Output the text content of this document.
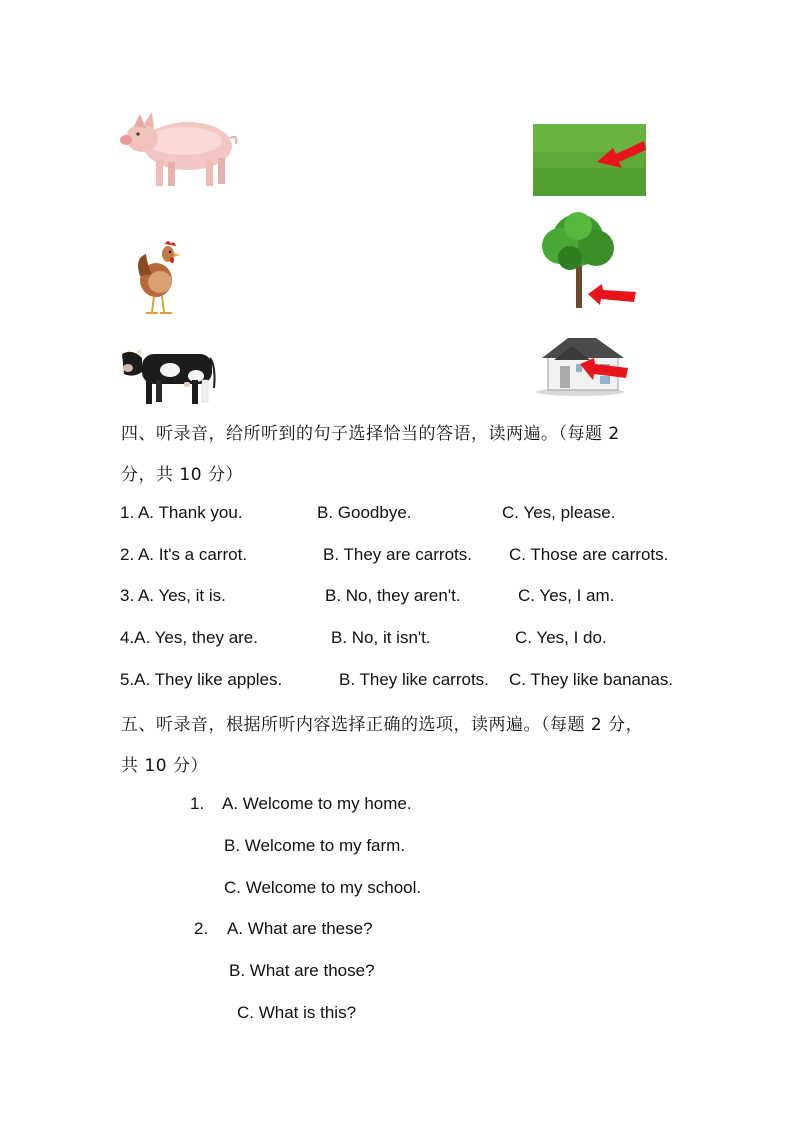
四、听录音，给所听到的句子选择恰当的答语，读两遍。（每题 2
分，共 10 分）
1. A. Thank you.	B. Goodbye.	C. Yes, please.
2. A. It's a carrot.	B. They are carrots. C. Those are carrots.
3. A. Yes, it is.	B. No, they aren't.	C. Yes, I am.
4.A. Yes, they are.	B. No, it isn't.	C. Yes, I do.
5.A. They like apples.	B. They like carrots. C. They like bananas.
五、听录音，根据所听内容选择正确的选项，读两遍。（每题 2 分，
共 10 分）
1. A. Welcome to my home.
B. Welcome to my farm.
C. Welcome to my school.
2. A. What are these?
B. What are those?
C. What is this?
